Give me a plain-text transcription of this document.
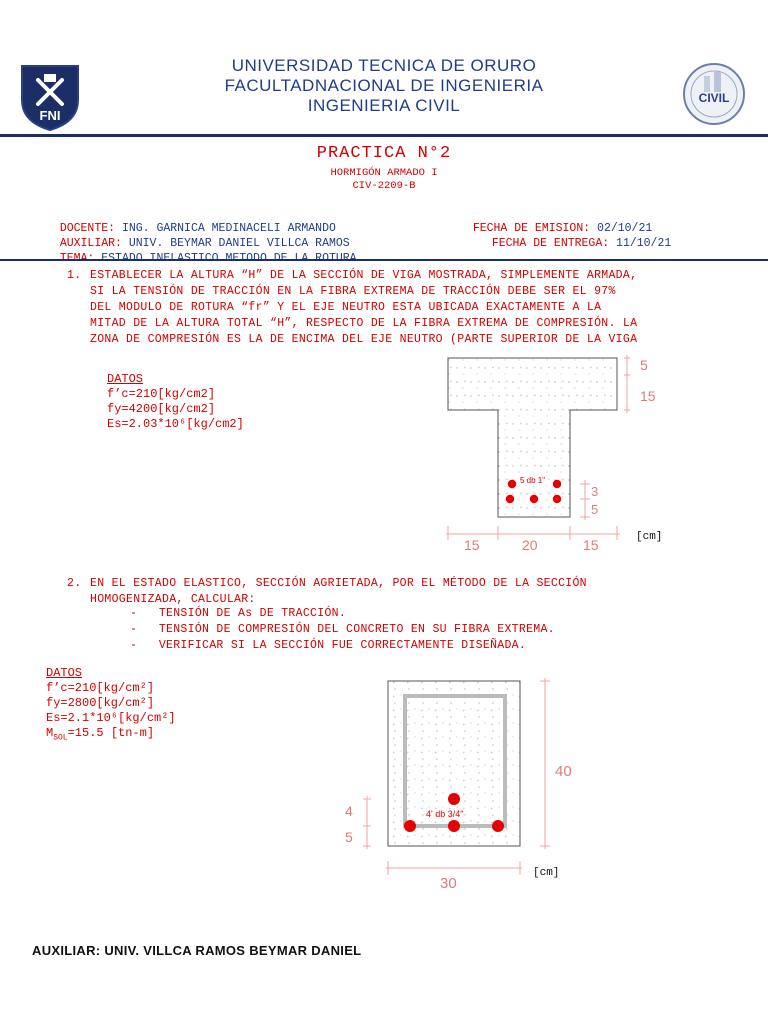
FNI
UNIVERSIDAD TECNICA DE ORURO
FACULTADNACIONAL DE INGENIERIA
INGENIERIA CIVIL	CIVIL
PRACTICA N°2
HORMIGÓN ARMADO I
CIV-2209-B

DOCENTE: ING. GARNICA MEDINACELI ARMANDO

AUXILIAR: UNIV. BEYMAR DANIEL VILLCA RAMOS

FECHA DE EMISION: 02/10/21

FECHA DE ENTREGA: 11/10/21

1. ESTABLECER LA ALTURA “H” DE LA SECCIÓN DE VIGA MOSTRADA, SIMPLEMENTE ARMADA,
SI LA TENSIÓN DE TRACCIÓN EN LA FIBRA EXTREMA DE TRACCIÓN DEBE SER EL 97%
DEL MODULO DE ROTURA “fr” Y EL EJE NEUTRO ESTA UBICADA EXACTAMENTE A LA
MITAD DE LA ALTURA TOTAL “H”, RESPECTO DE LA FIBRA EXTREMA DE COMPRESIÓN. LA
ZONA DE COMPRESIÓN ES LA DE ENCIMA DEL EJE NEUTRO (PARTE SUPERIOR DE LA VIGA
DATOS
f’c=210[kg/cm2]
fy=4200[kg/cm2]
Es=2.03*10⁶[kg/cm2]
5 db 1"
5
15
3
5
15	20	15	[cm]
2. EN EL ESTADO ELASTICO, SECCIÓN AGRIETADA, POR EL MÉTODO DE LA SECCIÓN
HOMOGENIZADA, CALCULAR:
-   TENSIÓN DE As DE TRACCIÓN.
-   TENSIÓN DE COMPRESIÓN DEL CONCRETO EN SU FIBRA EXTREMA.
-   VERIFICAR SI LA SECCIÓN FUE CORRECTAMENTE DISEÑADA.
DATOS
f’c=210[kg/cm²]
fy=2800[kg/cm²]
Es=2.1*10⁶[kg/cm²]
$M_{SOL}=15.5$ [tn-m]
4' db 3/4"
4
5
40
30
[cm]
AUXILIAR: UNIV. VILLCA RAMOS BEYMAR DANIEL
